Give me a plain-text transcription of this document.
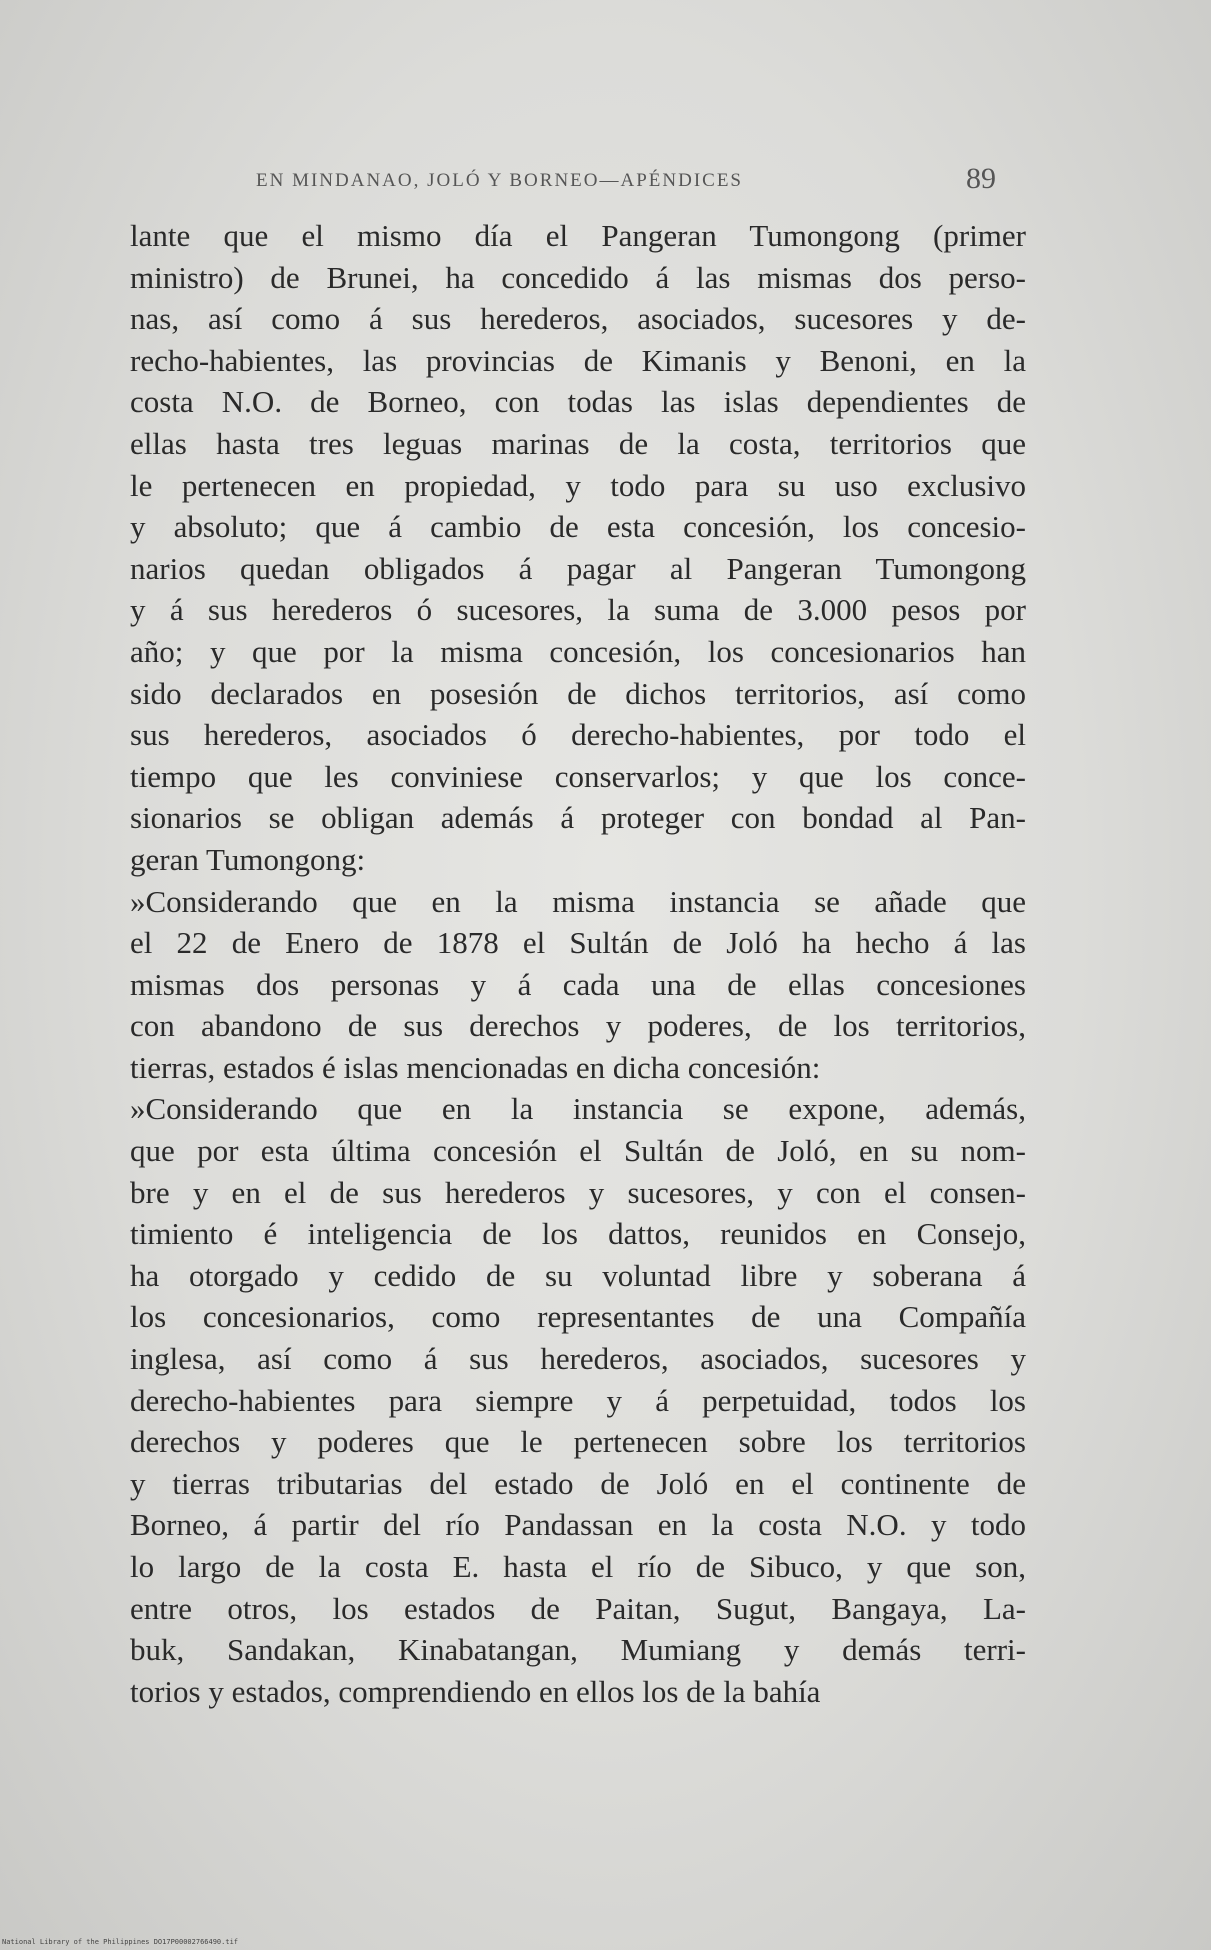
EN MINDANAO, JOLÓ Y BORNEO—APÉNDICES	89
lante que el mismo día el Pangeran Tumongong (primer
ministro) de Brunei, ha concedido á las mismas dos perso-
nas, así como á sus herederos, asociados, sucesores y de-
recho-habientes, las provincias de Kimanis y Benoni, en la
costa N.O. de Borneo, con todas las islas dependientes de
ellas hasta tres leguas marinas de la costa, territorios que
le pertenecen en propiedad, y todo para su uso exclusivo
y absoluto; que á cambio de esta concesión, los concesio-
narios quedan obligados á pagar al Pangeran Tumongong
y á sus herederos ó sucesores, la suma de 3.000 pesos por
año; y que por la misma concesión, los concesionarios han
sido declarados en posesión de dichos territorios, así como
sus herederos, asociados ó derecho-habientes, por todo el
tiempo que les conviniese conservarlos; y que los conce-
sionarios se obligan además á proteger con bondad al Pan-
geran Tumongong:
»Considerando que en la misma instancia se añade que
el 22 de Enero de 1878 el Sultán de Joló ha hecho á las
mismas dos personas y á cada una de ellas concesiones
con abandono de sus derechos y poderes, de los territorios,
tierras, estados é islas mencionadas en dicha concesión:
»Considerando que en la instancia se expone, además,
que por esta última concesión el Sultán de Joló, en su nom-
bre y en el de sus herederos y sucesores, y con el consen-
timiento é inteligencia de los dattos, reunidos en Consejo,
ha otorgado y cedido de su voluntad libre y soberana á
los concesionarios, como representantes de una Compañía
inglesa, así como á sus herederos, asociados, sucesores y
derecho-habientes para siempre y á perpetuidad, todos los
derechos y poderes que le pertenecen sobre los territorios
y tierras tributarias del estado de Joló en el continente de
Borneo, á partir del río Pandassan en la costa N.O. y todo
lo largo de la costa E. hasta el río de Sibuco, y que son,
entre otros, los estados de Paitan, Sugut, Bangaya, La-
buk, Sandakan, Kinabatangan, Mumiang y demás terri-
torios y estados, comprendiendo en ellos los de la bahía
National Library of the Philippines DO17P00002766490.tif
